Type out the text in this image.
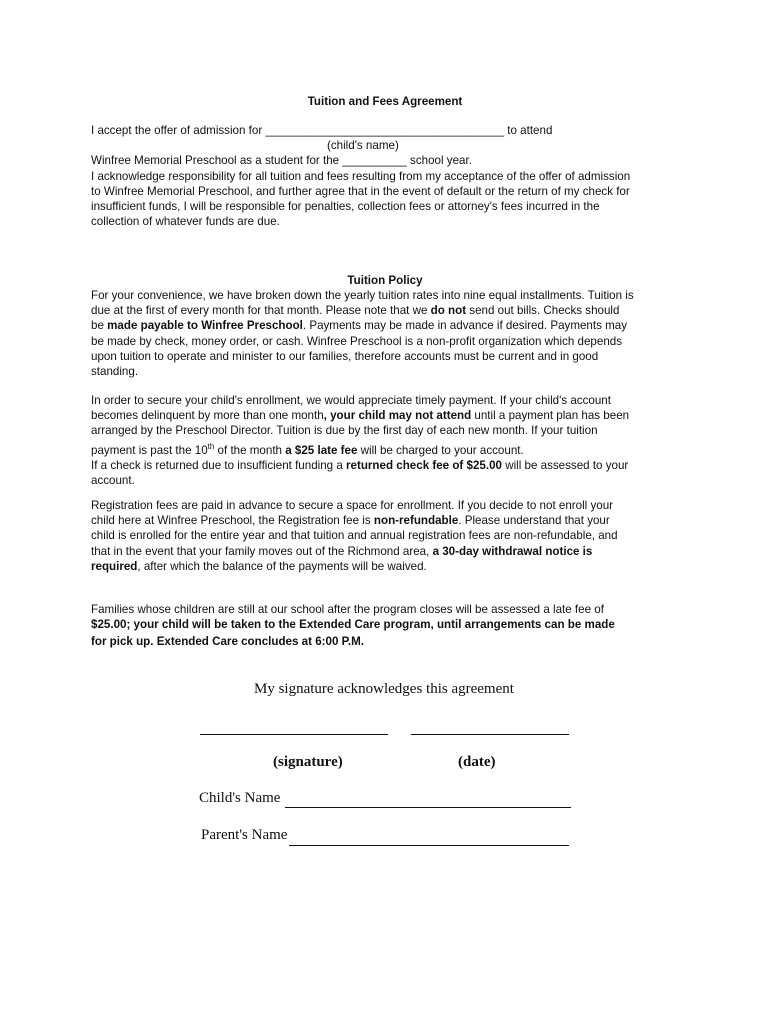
Tuition and Fees Agreement
I accept the offer of admission for _____________________________________ to attend
(child's name)
Winfree Memorial Preschool as a student for the __________ school year.
I acknowledge responsibility for all tuition and fees resulting from my acceptance of the offer of admission
to Winfree Memorial Preschool, and further agree that in the event of default or the return of my check for
insufficient funds, I will be responsible for penalties, collection fees or attorney's fees incurred in the
collection of whatever funds are due.
Tuition Policy
For your convenience, we have broken down the yearly tuition rates into nine equal installments. Tuition is
due at the first of every month for that month. Please note that we do not send out bills. Checks should
be made payable to Winfree Preschool. Payments may be made in advance if desired. Payments may
be made by check, money order, or cash. Winfree Preschool is a non-profit organization which depends
upon tuition to operate and minister to our families, therefore accounts must be current and in good
standing.
In order to secure your child's enrollment, we would appreciate timely payment. If your child's account
becomes delinquent by more than one month, your child may not attend until a payment plan has been
arranged by the Preschool Director. Tuition is due by the first day of each new month. If your tuition
payment is past the 10th of the month a $25 late fee will be charged to your account.
If a check is returned due to insufficient funding a returned check fee of $25.00 will be assessed to your
account.
Registration fees are paid in advance to secure a space for enrollment. If you decide to not enroll your
child here at Winfree Preschool, the Registration fee is non-refundable. Please understand that your
child is enrolled for the entire year and that tuition and annual registration fees are non-refundable, and
that in the event that your family moves out of the Richmond area, a 30-day withdrawal notice is
required, after which the balance of the payments will be waived.
Families whose children are still at our school after the program closes will be assessed a late fee of
$25.00; your child will be taken to the Extended Care program, until arrangements can be made
for pick up. Extended Care concludes at 6:00 P.M.
My signature acknowledges this agreement
(signature)	(date)
Child's Name
Parent's Name
